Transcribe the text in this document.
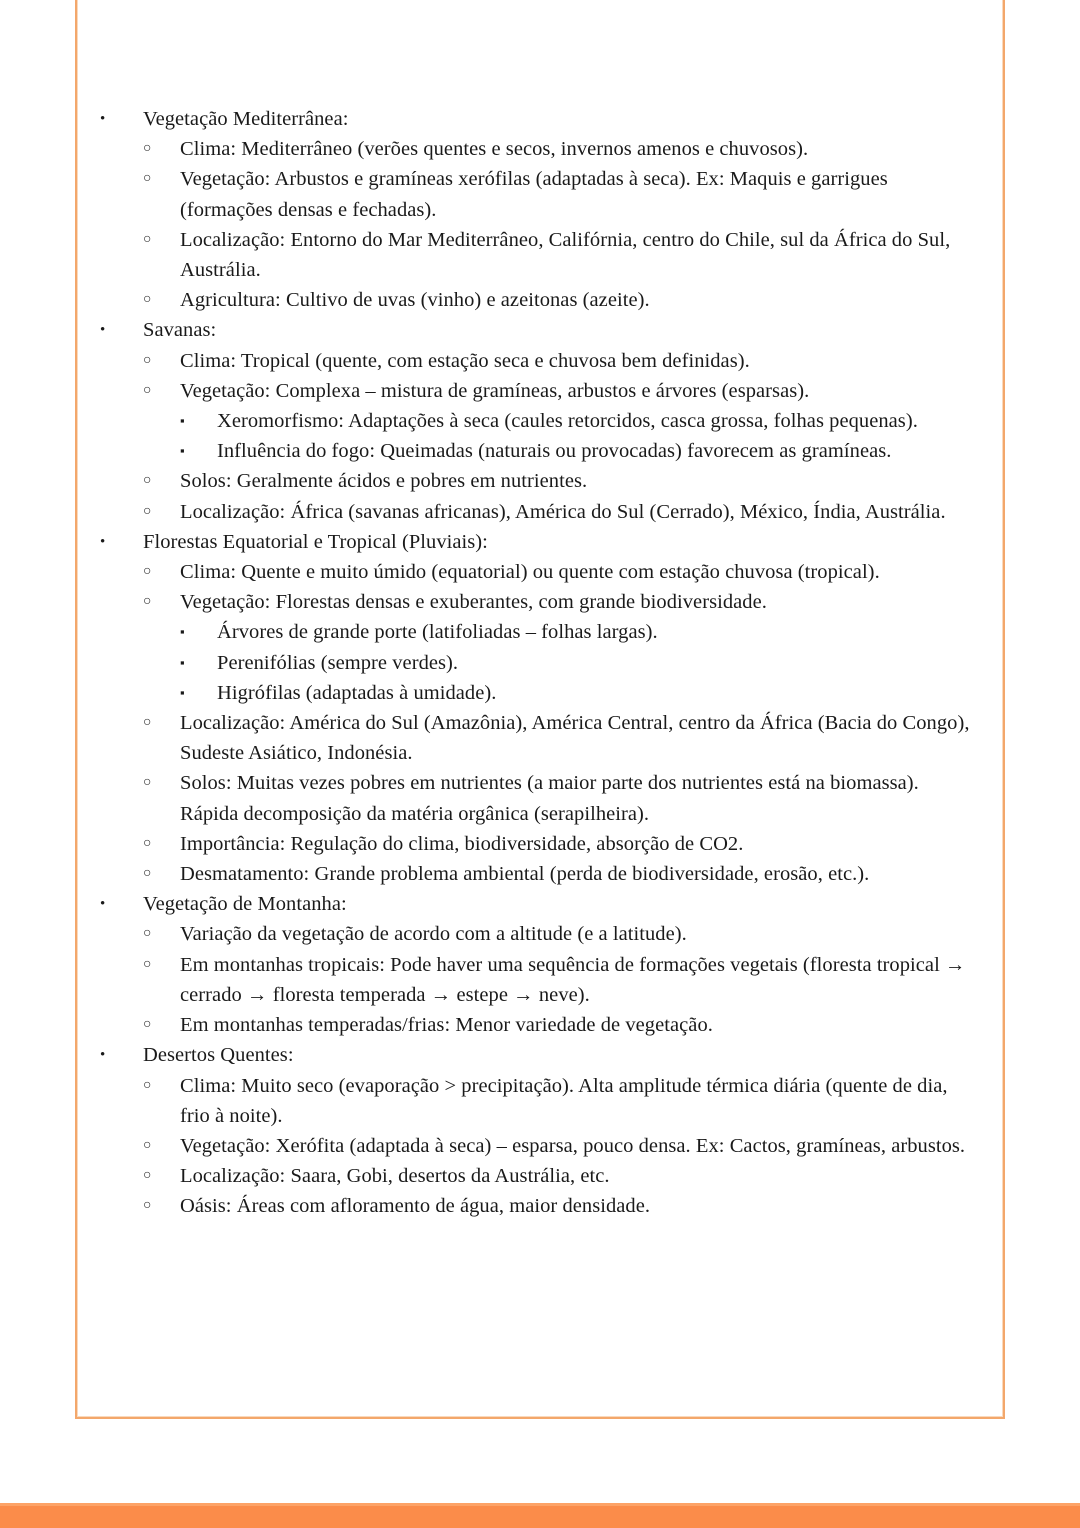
•	Vegetação Mediterrânea:
○	Clima: Mediterrâneo (verões quentes e secos, invernos amenos e chuvosos).
○	Vegetação: Arbustos e gramíneas xerófilas (adaptadas à seca). Ex: Maquis e garrigues (formações densas e fechadas).
○	Localização: Entorno do Mar Mediterrâneo, Califórnia, centro do Chile, sul da África do Sul, Austrália.
○	Agricultura: Cultivo de uvas (vinho) e azeitonas (azeite).
•	Savanas:
○	Clima: Tropical (quente, com estação seca e chuvosa bem definidas).
○	Vegetação: Complexa – mistura de gramíneas, arbustos e árvores (esparsas).
▪	Xeromorfismo: Adaptações à seca (caules retorcidos, casca grossa, folhas pequenas).
▪	Influência do fogo: Queimadas (naturais ou provocadas) favorecem as gramíneas.
○	Solos: Geralmente ácidos e pobres em nutrientes.
○	Localização: África (savanas africanas), América do Sul (Cerrado), México, Índia, Austrália.
•	Florestas Equatorial e Tropical (Pluviais):
○	Clima: Quente e muito úmido (equatorial) ou quente com estação chuvosa (tropical).
○	Vegetação: Florestas densas e exuberantes, com grande biodiversidade.
▪	Árvores de grande porte (latifoliadas – folhas largas).
▪	Perenifólias (sempre verdes).
▪	Higrófilas (adaptadas à umidade).
○	Localização: América do Sul (Amazônia), América Central, centro da África (Bacia do Congo), Sudeste Asiático, Indonésia.
○	Solos: Muitas vezes pobres em nutrientes (a maior parte dos nutrientes está na biomassa). Rápida decomposição da matéria orgânica (serapilheira).
○	Importância: Regulação do clima, biodiversidade, absorção de CO2.
○	Desmatamento: Grande problema ambiental (perda de biodiversidade, erosão, etc.).
•	Vegetação de Montanha:
○	Variação da vegetação de acordo com a altitude (e a latitude).
○	Em montanhas tropicais: Pode haver uma sequência de formações vegetais (floresta tropical → cerrado → floresta temperada → estepe → neve).
○	Em montanhas temperadas/frias: Menor variedade de vegetação.
•	Desertos Quentes:
○	Clima: Muito seco (evaporação > precipitação). Alta amplitude térmica diária (quente de dia, frio à noite).
○	Vegetação: Xerófita (adaptada à seca) – esparsa, pouco densa. Ex: Cactos, gramíneas, arbustos.
○	Localização: Saara, Gobi, desertos da Austrália, etc.
○	Oásis: Áreas com afloramento de água, maior densidade.
